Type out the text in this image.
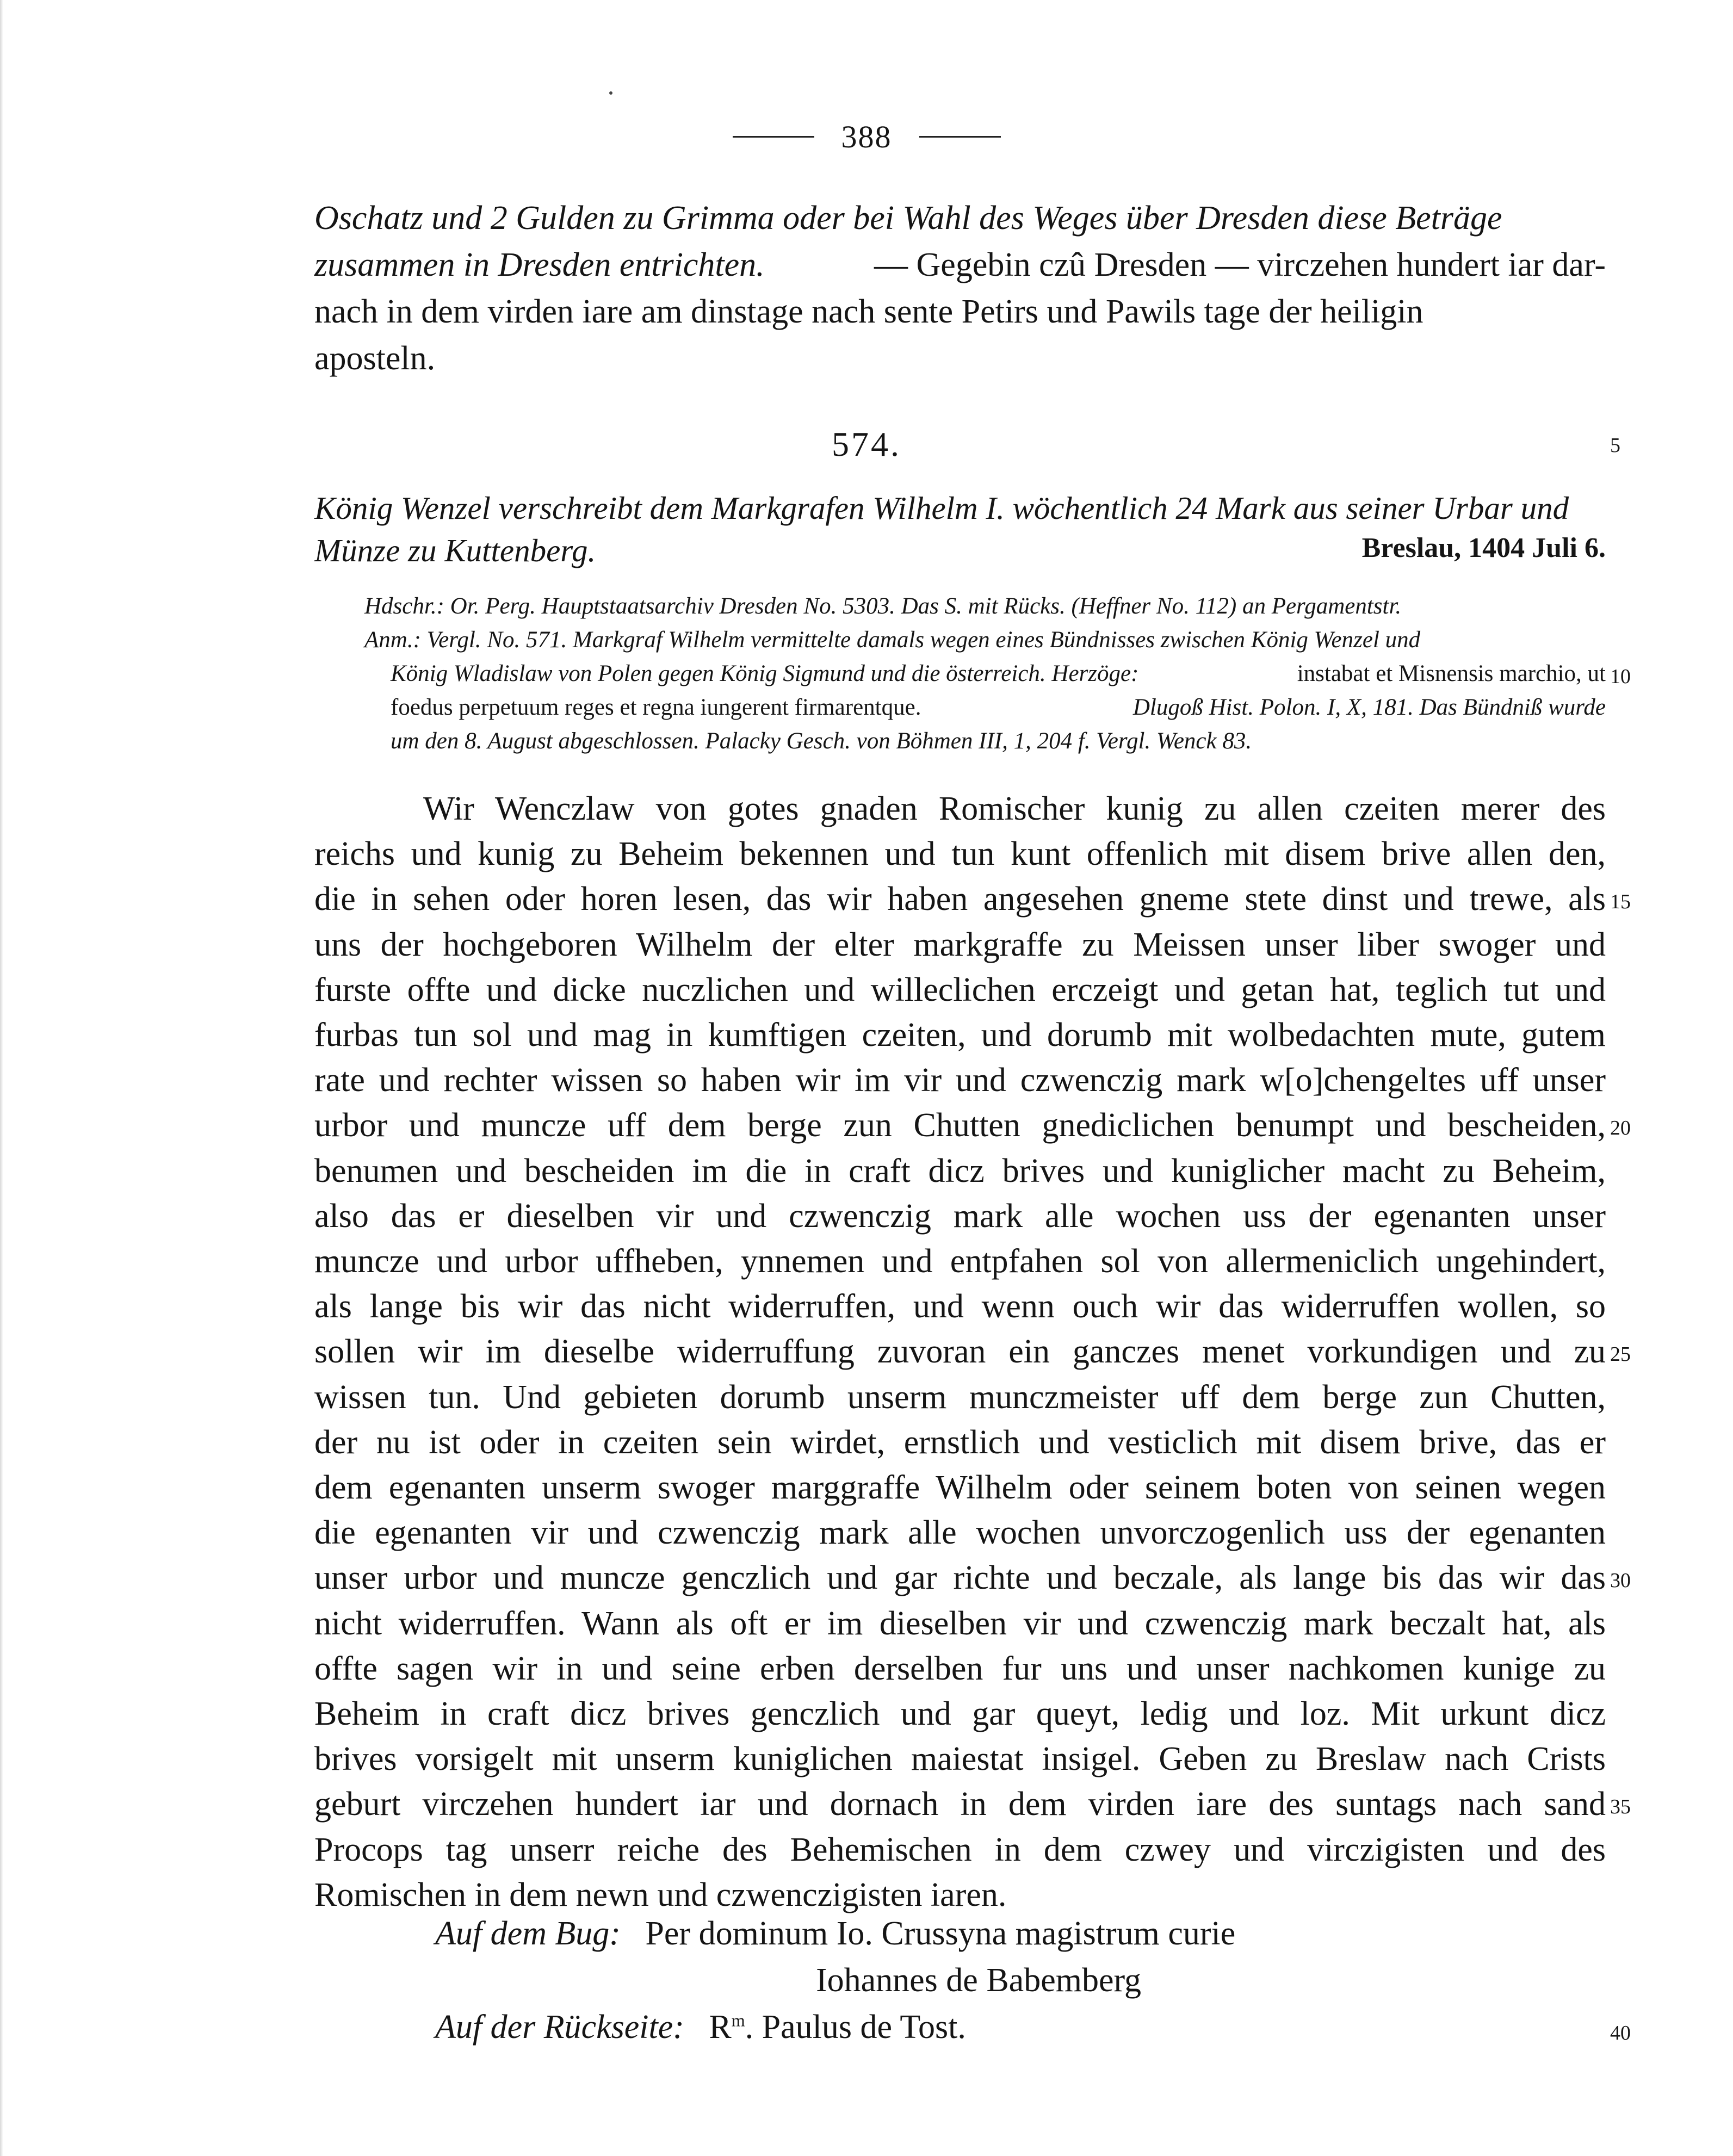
388
Oschatz und 2 Gulden zu Grimma oder bei Wahl des Weges über Dresden diese Beträge
zusammen in Dresden entrichten.	— Gegebin czû Dresden — virczehen hundert iar dar-
nach in dem virden iare am dinstage nach sente Petirs und Pawils tage der heiligin
aposteln.
574.
König Wenzel verschreibt dem Markgrafen Wilhelm I. wöchentlich 24 Mark aus seiner Urbar und
Münze zu Kuttenberg.	Breslau, 1404 Juli 6.
Hdschr.: Or. Perg. Hauptstaatsarchiv Dresden No. 5303. Das S. mit Rücks. (Heffner No. 112) an Pergamentstr.
Anm.: Vergl. No. 571. Markgraf Wilhelm vermittelte damals wegen eines Bündnisses zwischen König Wenzel und
König Wladislaw von Polen gegen König Sigmund und die österreich. Herzöge:	instabat et Misnensis marchio, ut
foedus perpetuum reges et regna iungerent firmarentque.	Dlugoß Hist. Polon. I, X, 181. Das Bündniß wurde
um den 8. August abgeschlossen. Palacky Gesch. von Böhmen III, 1, 204 f. Vergl. Wenck 83.
Wir Wenczlaw von gotes gnaden Romischer kunig zu allen czeiten merer des
reichs und kunig zu Beheim bekennen und tun kunt offenlich mit disem brive allen den,
die in sehen oder horen lesen, das wir haben angesehen gneme stete dinst und trewe, als
uns der hochgeboren Wilhelm der elter markgraffe zu Meissen unser liber swoger und
furste offte und dicke nuczlichen und willeclichen erczeigt und getan hat, teglich tut und
furbas tun sol und mag in kumftigen czeiten, und dorumb mit wolbedachten mute, gutem
rate und rechter wissen so haben wir im vir und czwenczig mark w[o]chengeltes uff unser
urbor und muncze uff dem berge zun Chutten gnediclichen benumpt und bescheiden,
benumen und bescheiden im die in craft dicz brives und kuniglicher macht zu Beheim,
also das er dieselben vir und czwenczig mark alle wochen uss der egenanten unser
muncze und urbor uffheben, ynnemen und entpfahen sol von allermeniclich ungehindert,
als lange bis wir das nicht widerruffen, und wenn ouch wir das widerruffen wollen, so
sollen wir im dieselbe widerruffung zuvoran ein ganczes menet vorkundigen und zu
wissen tun. Und gebieten dorumb unserm munczmeister uff dem berge zun Chutten,
der nu ist oder in czeiten sein wirdet, ernstlich und vesticlich mit disem brive, das er
dem egenanten unserm swoger marggraffe Wilhelm oder seinem boten von seinen wegen
die egenanten vir und czwenczig mark alle wochen unvorczogenlich uss der egenanten
unser urbor und muncze genczlich und gar richte und beczale, als lange bis das wir das
nicht widerruffen. Wann als oft er im dieselben vir und czwenczig mark beczalt hat, als
offte sagen wir in und seine erben derselben fur uns und unser nachkomen kunige zu
Beheim in craft dicz brives genczlich und gar queyt, ledig und loz. Mit urkunt dicz
brives vorsigelt mit unserm kuniglichen maiestat insigel. Geben zu Breslaw nach Crists
geburt virczehen hundert iar und dornach in dem virden iare des suntags nach sand
Procops tag unserr reiche des Behemischen in dem czwey und virczigisten und des
Romischen in dem newn und czwenczigisten iaren.
Auf dem Bug: Per dominum Io. Crussyna magistrum curie
Iohannes de Babemberg
Auf der Rückseite: $R^m$. Paulus de Tost.
5
10
15
20
25
30
35
40
